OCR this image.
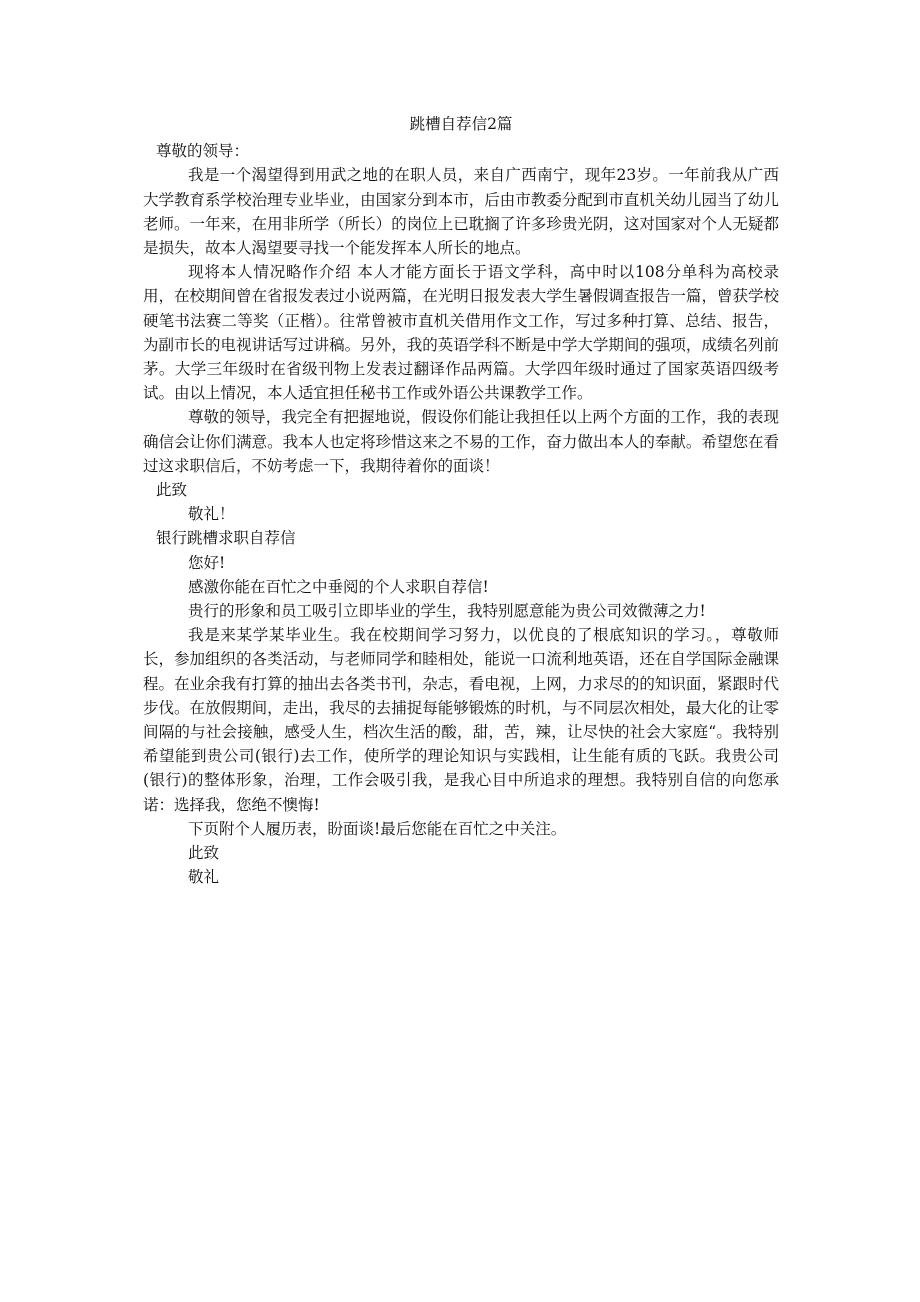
跳槽自荐信2篇

尊敬的领导：

我是一个渴望得到用武之地的在职人员，来自广西南宁，现年23岁。一年前我从广西大学教育系学校治理专业毕业，由国家分到本市，后由市教委分配到市直机关幼儿园当了幼儿老师。一年来，在用非所学（所长）的岗位上已耽搁了许多珍贵光阴，这对国家对个人无疑都是损失，故本人渴望要寻找一个能发挥本人所长的地点。

现将本人情况略作介绍 本人才能方面长于语文学科，高中时以108分单科为高校录用，在校期间曾在省报发表过小说两篇，在光明日报发表大学生暑假调查报告一篇，曾获学校硬笔书法赛二等奖（正楷）。往常曾被市直机关借用作文工作，写过多种打算、总结、报告，为副市长的电视讲话写过讲稿。另外，我的英语学科不断是中学大学期间的强项，成绩名列前茅。大学三年级时在省级刊物上发表过翻译作品两篇。大学四年级时通过了国家英语四级考试。由以上情况，本人适宜担任秘书工作或外语公共课教学工作。

尊敬的领导，我完全有把握地说，假设你们能让我担任以上两个方面的工作，我的表现确信会让你们满意。我本人也定将珍惜这来之不易的工作，奋力做出本人的奉献。希望您在看过这求职信后，不妨考虑一下，我期待着你的面谈！

此致

敬礼！

银行跳槽求职自荐信

您好!

感激你能在百忙之中垂阅的个人求职自荐信!

贵行的形象和员工吸引立即毕业的学生，我特别愿意能为贵公司效微薄之力!

我是来某学某毕业生。我在校期间学习努力，以优良的了根底知识的学习。，尊敬师长，参加组织的各类活动，与老师同学和睦相处，能说一口流利地英语，还在自学国际金融课程。在业余我有打算的抽出去各类书刊，杂志，看电视，上网，力求尽的的知识面，紧跟时代步伐。在放假期间，走出，我尽的去捕捉每能够锻炼的时机，与不同层次相处，最大化的让零间隔的与社会接触，感受人生，档次生活的酸，甜，苦，辣，让尽快的社会大家庭“。我特别希望能到贵公司(银行)去工作，使所学的理论知识与实践相，让生能有质的飞跃。我贵公司(银行)的整体形象，治理，工作会吸引我，是我心目中所追求的理想。我特别自信的向您承诺：选择我，您绝不懊悔!

下页附个人履历表，盼面谈!最后您能在百忙之中关注。

此致

敬礼
